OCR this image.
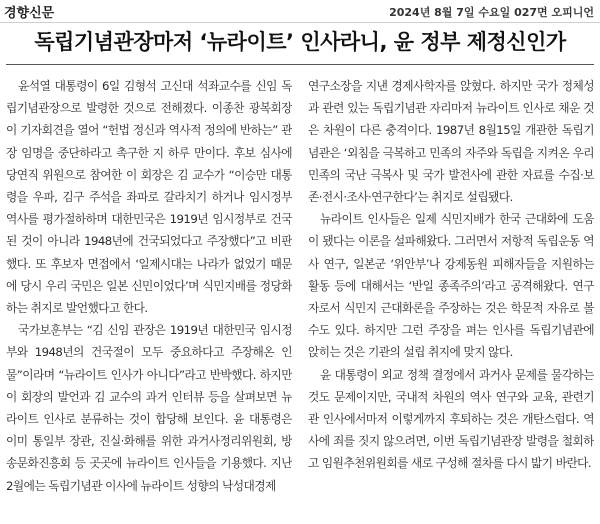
경향신문	2024년 8월 7일 수요일 027면 오피니언
독립기념관장마저 ‘뉴라이트’ 인사라니, 윤 정부 제정신인가

윤석열 대통령이 6일 김형석 고신대 석좌교수를 신임 독립기념관장으로 발령한 것으로 전해졌다. 이종찬 광복회장이 기자회견을 열어 “헌법 정신과 역사적 정의에 반하는” 관장 임명을 중단하라고 촉구한 지 하루 만이다. 후보 심사에 당연직 위원으로 참여한 이 회장은 김 교수가 “이승만 대통령을 우파, 김구 주석을 좌파로 갈라치기 하거나 임시정부 역사를 평가절하하며 대한민국은 1919년 임시정부로 건국된 것이 아니라 1948년에 건국되었다고 주장했다”고 비판했다. 또 후보자 면접에서 ‘일제시대는 나라가 없었기 때문에 당시 우리 국민은 일본 신민이었다’며 식민지배를 정당화하는 취지로 발언했다고 한다.

국가보훈부는 “김 신임 관장은 1919년 대한민국 임시정부와 1948년의 건국절이 모두 중요하다고 주장해온 인물”이라며 “뉴라이트 인사가 아니다”라고 반박했다. 하지만 이 회장의 발언과 김 교수의 과거 인터뷰 등을 살펴보면 뉴라이트 인사로 분류하는 것이 합당해 보인다. 윤 대통령은 이미 통일부 장관, 진실·화해를 위한 과거사정리위원회, 방송문화진흥회 등 곳곳에 뉴라이트 인사들을 기용했다. 지난 2월에는 독립기념관 이사에 뉴라이트 성향의 낙성대경제

연구소장을 지낸 경제사학자를 앉혔다. 하지만 국가 정체성과 관련 있는 독립기념관 자리마저 뉴라이트 인사로 채운 것은 차원이 다른 충격이다. 1987년 8월15일 개관한 독립기념관은 ‘외침을 극복하고 민족의 자주와 독립을 지켜온 우리 민족의 국난 극복사 및 국가 발전사에 관한 자료를 수집·보존·전시·조사·연구한다’는 취지로 설립됐다.

뉴라이트 인사들은 일제 식민지배가 한국 근대화에 도움이 됐다는 이론을 설파해왔다. 그러면서 저항적 독립운동 역사 연구, 일본군 ‘위안부’나 강제동원 피해자들을 지원하는 활동 등에 대해서는 ‘반일 종족주의’라고 공격해왔다. 연구자로서 식민지 근대화론을 주장하는 것은 학문적 자유로 볼 수도 있다. 하지만 그런 주장을 펴는 인사를 독립기념관에 앉히는 것은 기관의 설립 취지에 맞지 않다.

윤 대통령이 외교 정책 결정에서 과거사 문제를 물각하는 것도 문제이지만, 국내적 차원의 역사 연구와 교육, 관련기관 인사에서마저 이렇게까지 후퇴하는 것은 개탄스럽다. 역사에 죄를 짓지 않으려면, 이번 독립기념관장 발령을 철회하고 임원추천위원회를 새로 구성해 절차를 다시 밟기 바란다.
